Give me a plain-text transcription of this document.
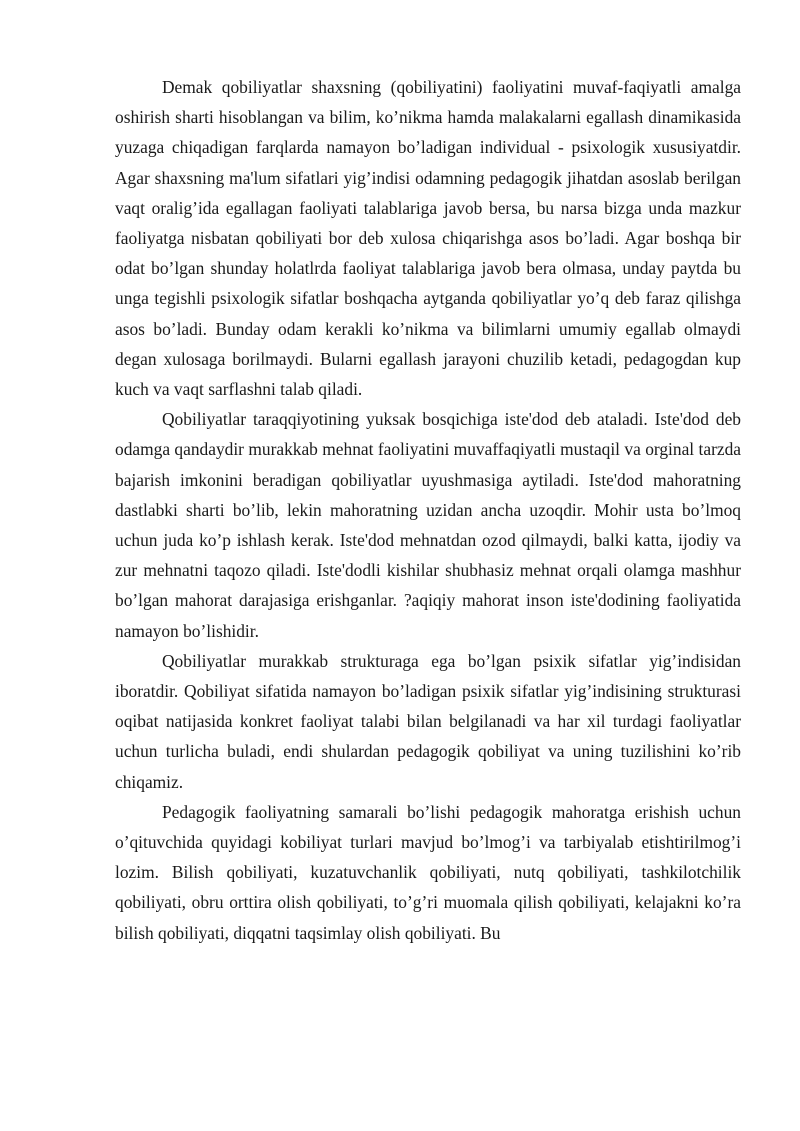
Demak qobiliyatlar shaxsning (qobiliyatini) faoliyatini muvaf-faqiyatli amalga oshirish sharti hisoblangan va bilim, ko’nikma hamda malakalarni egallash dinamikasida yuzaga chiqadigan farqlarda namayon bo’ladigan individual - psixologik xususiyatdir. Agar shaxsning ma'lum sifatlari yig’indisi odamning pedagogik jihatdan asoslab berilgan vaqt oralig’ida egallagan faoliyati talablariga javob bersa, bu narsa bizga unda mazkur faoliyatga nisbatan qobiliyati bor deb xulosa chiqarishga asos bo’ladi. Agar boshqa bir odat bo’lgan shunday holatlrda faoliyat talablariga javob bera olmasa, unday paytda bu unga tegishli psixologik sifatlar boshqacha aytganda qobiliyatlar yo’q deb faraz qilishga asos bo’ladi. Bunday odam kerakli ko’nikma va bilimlarni umumiy egallab olmaydi degan xulosaga borilmaydi. Bularni egallash jarayoni chuzilib ketadi, pedagogdan kup kuch va vaqt sarflashni talab qiladi.

Qobiliyatlar taraqqiyotining yuksak bosqichiga iste'dod deb ataladi. Iste'dod deb odamga qandaydir murakkab mehnat faoliyatini muvaffaqiyatli mustaqil va orginal tarzda bajarish imkonini beradigan qobiliyatlar uyushmasiga aytiladi. Iste'dod mahoratning dastlabki sharti bo’lib, lekin mahoratning uzidan ancha uzoqdir. Mohir usta bo’lmoq uchun juda ko’p ishlash kerak. Iste'dod mehnatdan ozod qilmaydi, balki katta, ijodiy va zur mehnatni taqozo qiladi. Iste'dodli kishilar shubhasiz mehnat orqali olamga mashhur bo’lgan mahorat darajasiga erishganlar. ?aqiqiy mahorat inson iste'dodining faoliyatida namayon bo’lishidir.

Qobiliyatlar murakkab strukturaga ega bo’lgan psixik sifatlar yig’indisidan iboratdir. Qobiliyat sifatida namayon bo’ladigan psixik sifatlar yig’indisining strukturasi oqibat natijasida konkret faoliyat talabi bilan belgilanadi va har xil turdagi faoliyatlar uchun turlicha buladi, endi shulardan pedagogik qobiliyat va uning tuzilishini ko’rib chiqamiz.

Pedagogik faoliyatning samarali bo’lishi pedagogik mahoratga erishish uchun o’qituvchida quyidagi kobiliyat turlari mavjud bo’lmog’i va tarbiyalab etishtirilmog’i lozim. Bilish qobiliyati, kuzatuvchanlik qobiliyati, nutq qobiliyati, tashkilotchilik qobiliyati, obru orttira olish qobiliyati, to’g’ri muomala qilish qobiliyati, kelajakni ko’ra bilish qobiliyati, diqqatni taqsimlay olish qobiliyati. Bu
